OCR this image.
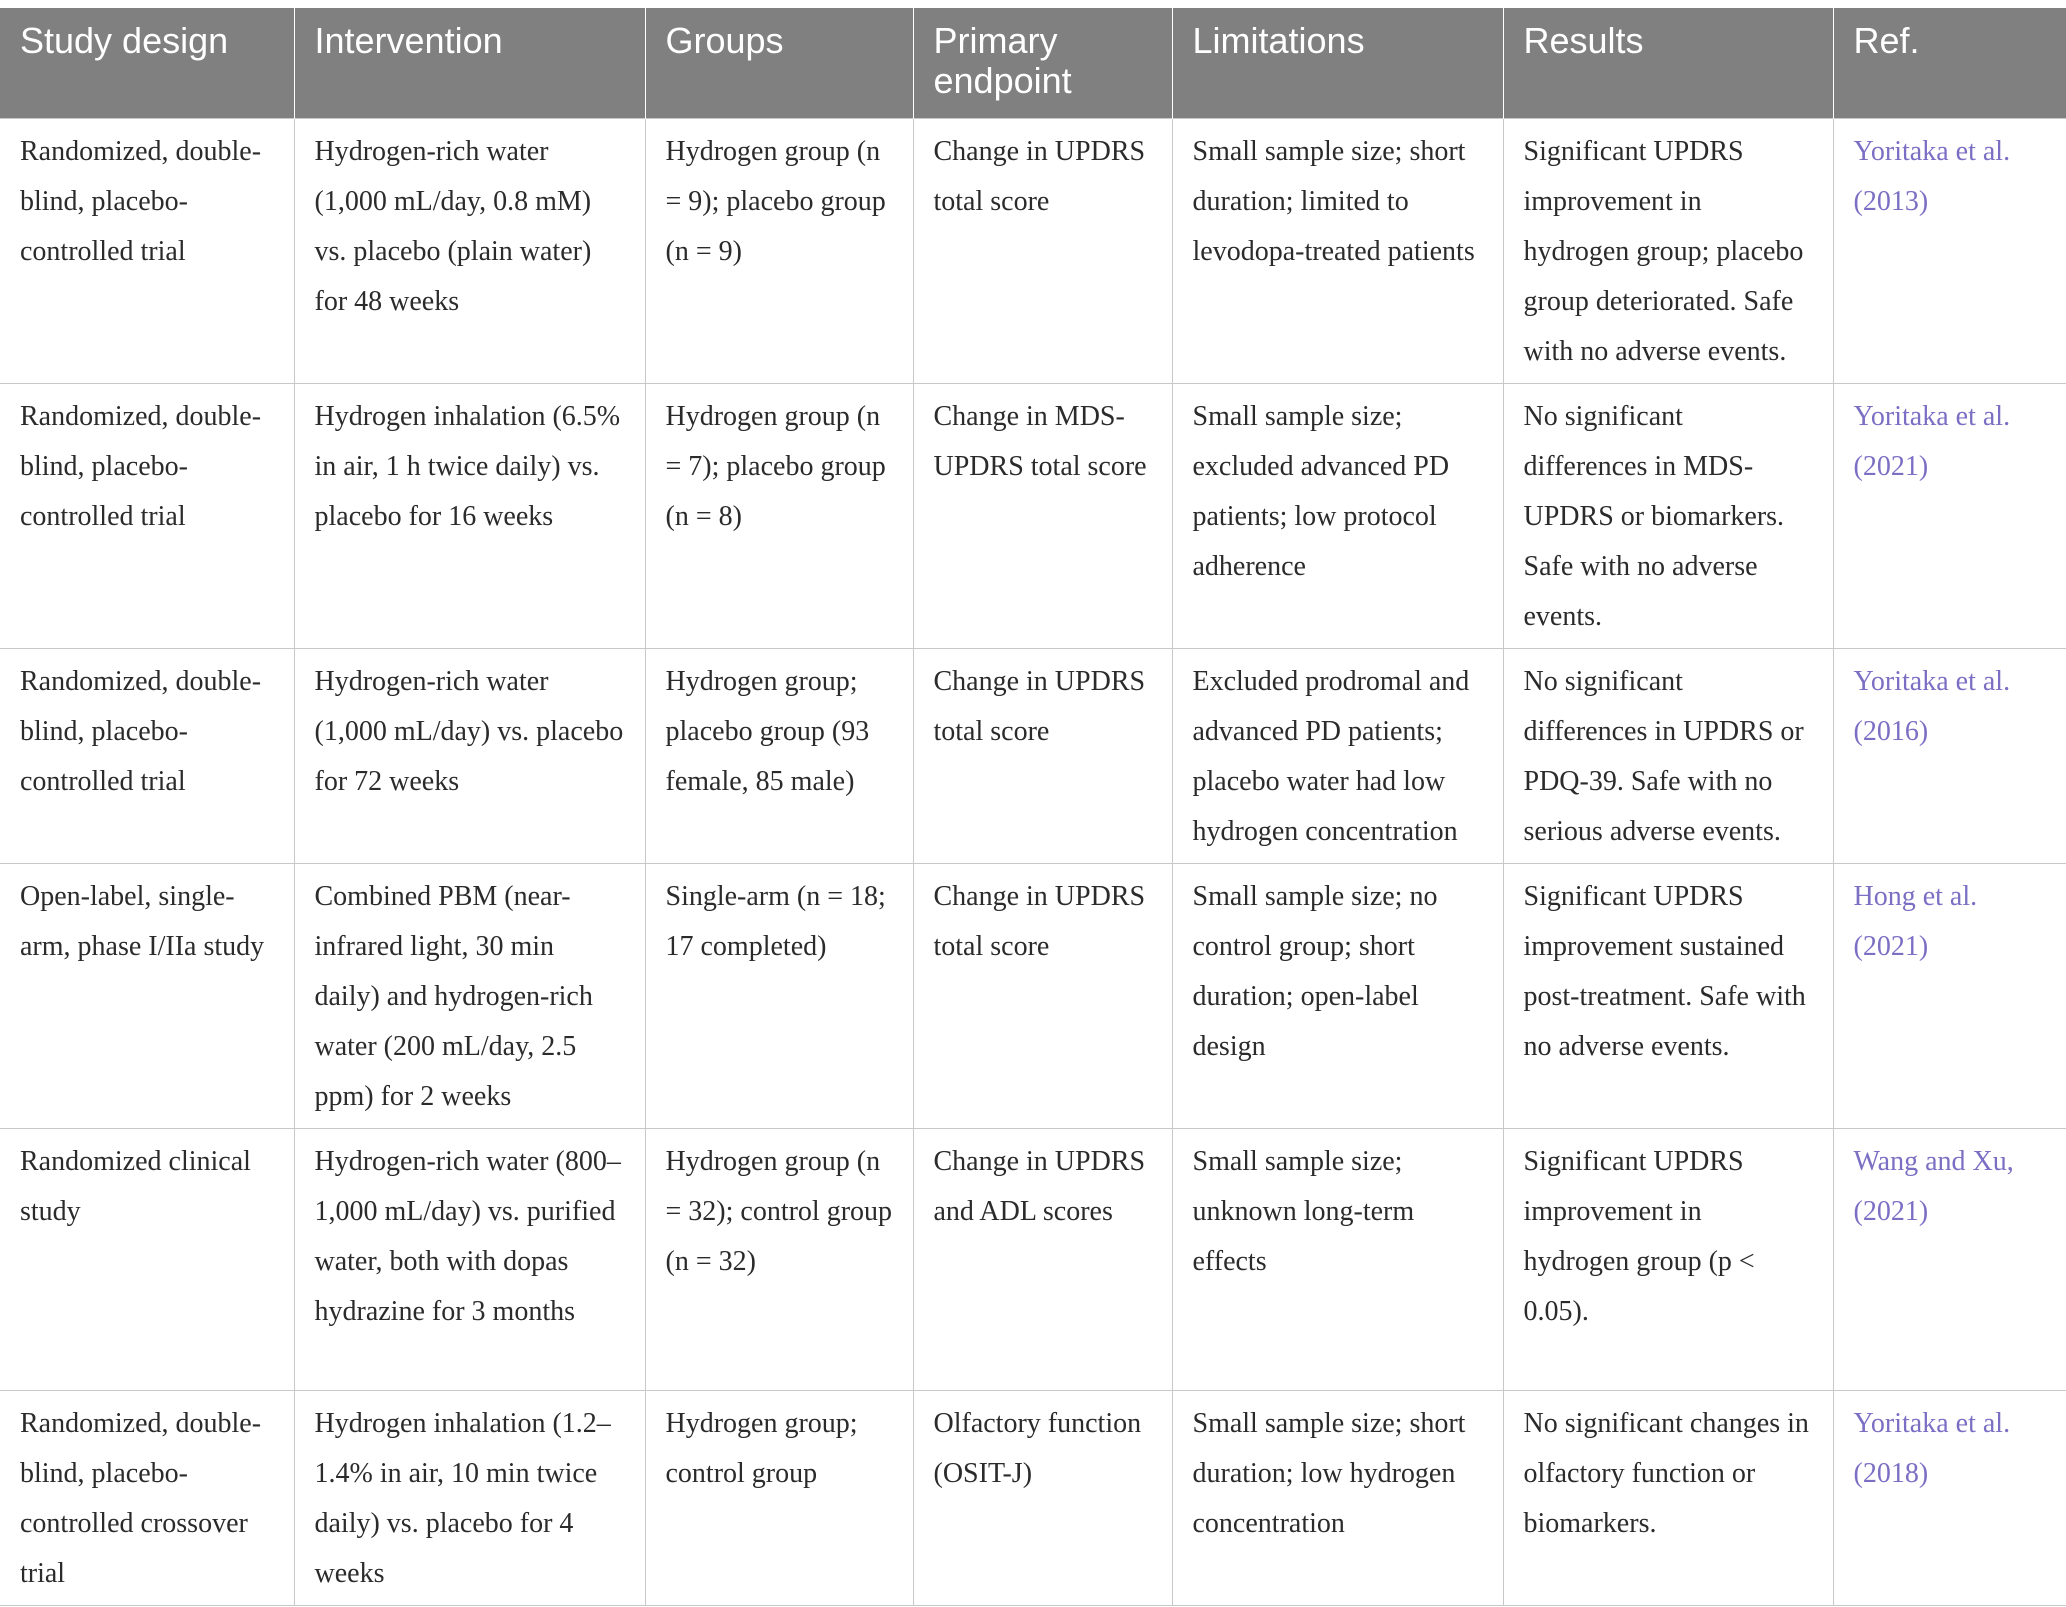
Study design	Intervention	Groups	Primary endpoint	Limitations	Results	Ref.
Randomized, double-blind, placebo-controlled trial	Hydrogen-rich water (1,000 mL/day, 0.8 mM) vs. placebo (plain water) for 48 weeks	Hydrogen group (n = 9); placebo group (n = 9)	Change in UPDRS total score	Small sample size; short duration; limited to levodopa-treated patients	Significant UPDRS improvement in hydrogen group; placebo group deteriorated. Safe with no adverse events.	Yoritaka et al. (2013)
Randomized, double-blind, placebo-controlled trial	Hydrogen inhalation (6.5% in air, 1 h twice daily) vs. placebo for 16 weeks	Hydrogen group (n = 7); placebo group (n = 8)	Change in MDS-UPDRS total score	Small sample size; excluded advanced PD patients; low protocol adherence	No significant differences in MDS-UPDRS or biomarkers. Safe with no adverse events.	Yoritaka et al. (2021)
Randomized, double-blind, placebo-controlled trial	Hydrogen-rich water (1,000 mL/day) vs. placebo for 72 weeks	Hydrogen group; placebo group (93 female, 85 male)	Change in UPDRS total score	Excluded prodromal and advanced PD patients; placebo water had low hydrogen concentration	No significant differences in UPDRS or PDQ-39. Safe with no serious adverse events.	Yoritaka et al. (2016)
Open-label, single-arm, phase I/IIa study	Combined PBM (near-infrared light, 30 min daily) and hydrogen-rich water (200 mL/day, 2.5 ppm) for 2 weeks	Single-arm (n = 18; 17 completed)	Change in UPDRS total score	Small sample size; no control group; short duration; open-label design	Significant UPDRS improvement sustained post-treatment. Safe with no adverse events.	Hong et al. (2021)
Randomized clinical study	Hydrogen-rich water (800–1,000 mL/day) vs. purified water, both with dopas hydrazine for 3 months	Hydrogen group (n = 32); control group (n = 32)	Change in UPDRS and ADL scores	Small sample size; unknown long-term effects	Significant UPDRS improvement in hydrogen group (p < 0.05).	Wang and Xu, (2021)
Randomized, double-blind, placebo-controlled crossover trial	Hydrogen inhalation (1.2–1.4% in air, 10 min twice daily) vs. placebo for 4 weeks	Hydrogen group; control group	Olfactory function (OSIT-J)	Small sample size; short duration; low hydrogen concentration	No significant changes in olfactory function or biomarkers.	Yoritaka et al. (2018)
